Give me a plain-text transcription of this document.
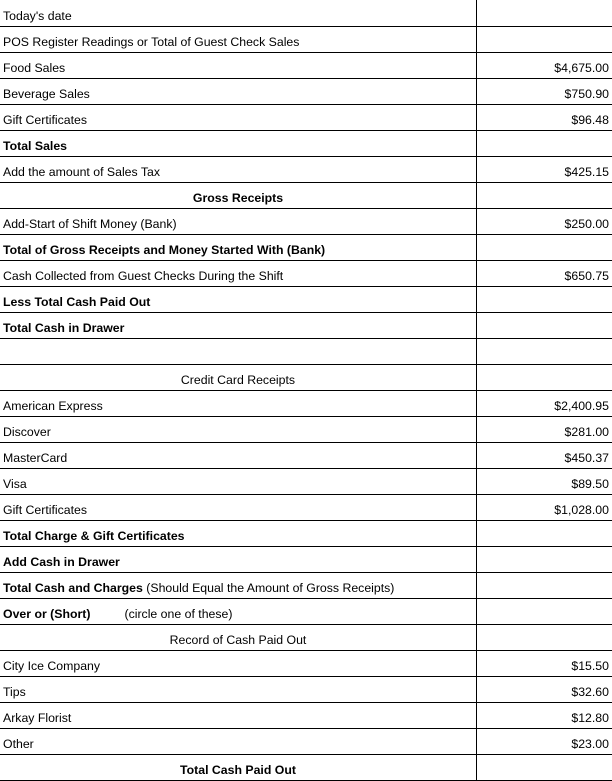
Today's date	
POS Register Readings or Total of Guest Check Sales	
Food Sales	$4,675.00
Beverage Sales	$750.90
Gift Certificates	$96.48
Total Sales	
Add the amount of Sales Tax	$425.15
Gross Receipts	
Add-Start of Shift Money (Bank)	$250.00
Total of Gross Receipts and Money Started With (Bank)	
Cash Collected from Guest Checks During the Shift	$650.75
Less Total Cash Paid Out	
Total Cash in Drawer	

Credit Card Receipts	
American Express	$2,400.95
Discover	$281.00
MasterCard	$450.37
Visa	$89.50
Gift Certificates	$1,028.00
Total Charge & Gift Certificates	
Add Cash in Drawer	
Total Cash and Charges (Should Equal the Amount of Gross Receipts)	
Over or (Short) (circle one of these)	
Record of Cash Paid Out	
City Ice Company	$15.50
Tips	$32.60
Arkay Florist	$12.80
Other	$23.00
Total Cash Paid Out	
